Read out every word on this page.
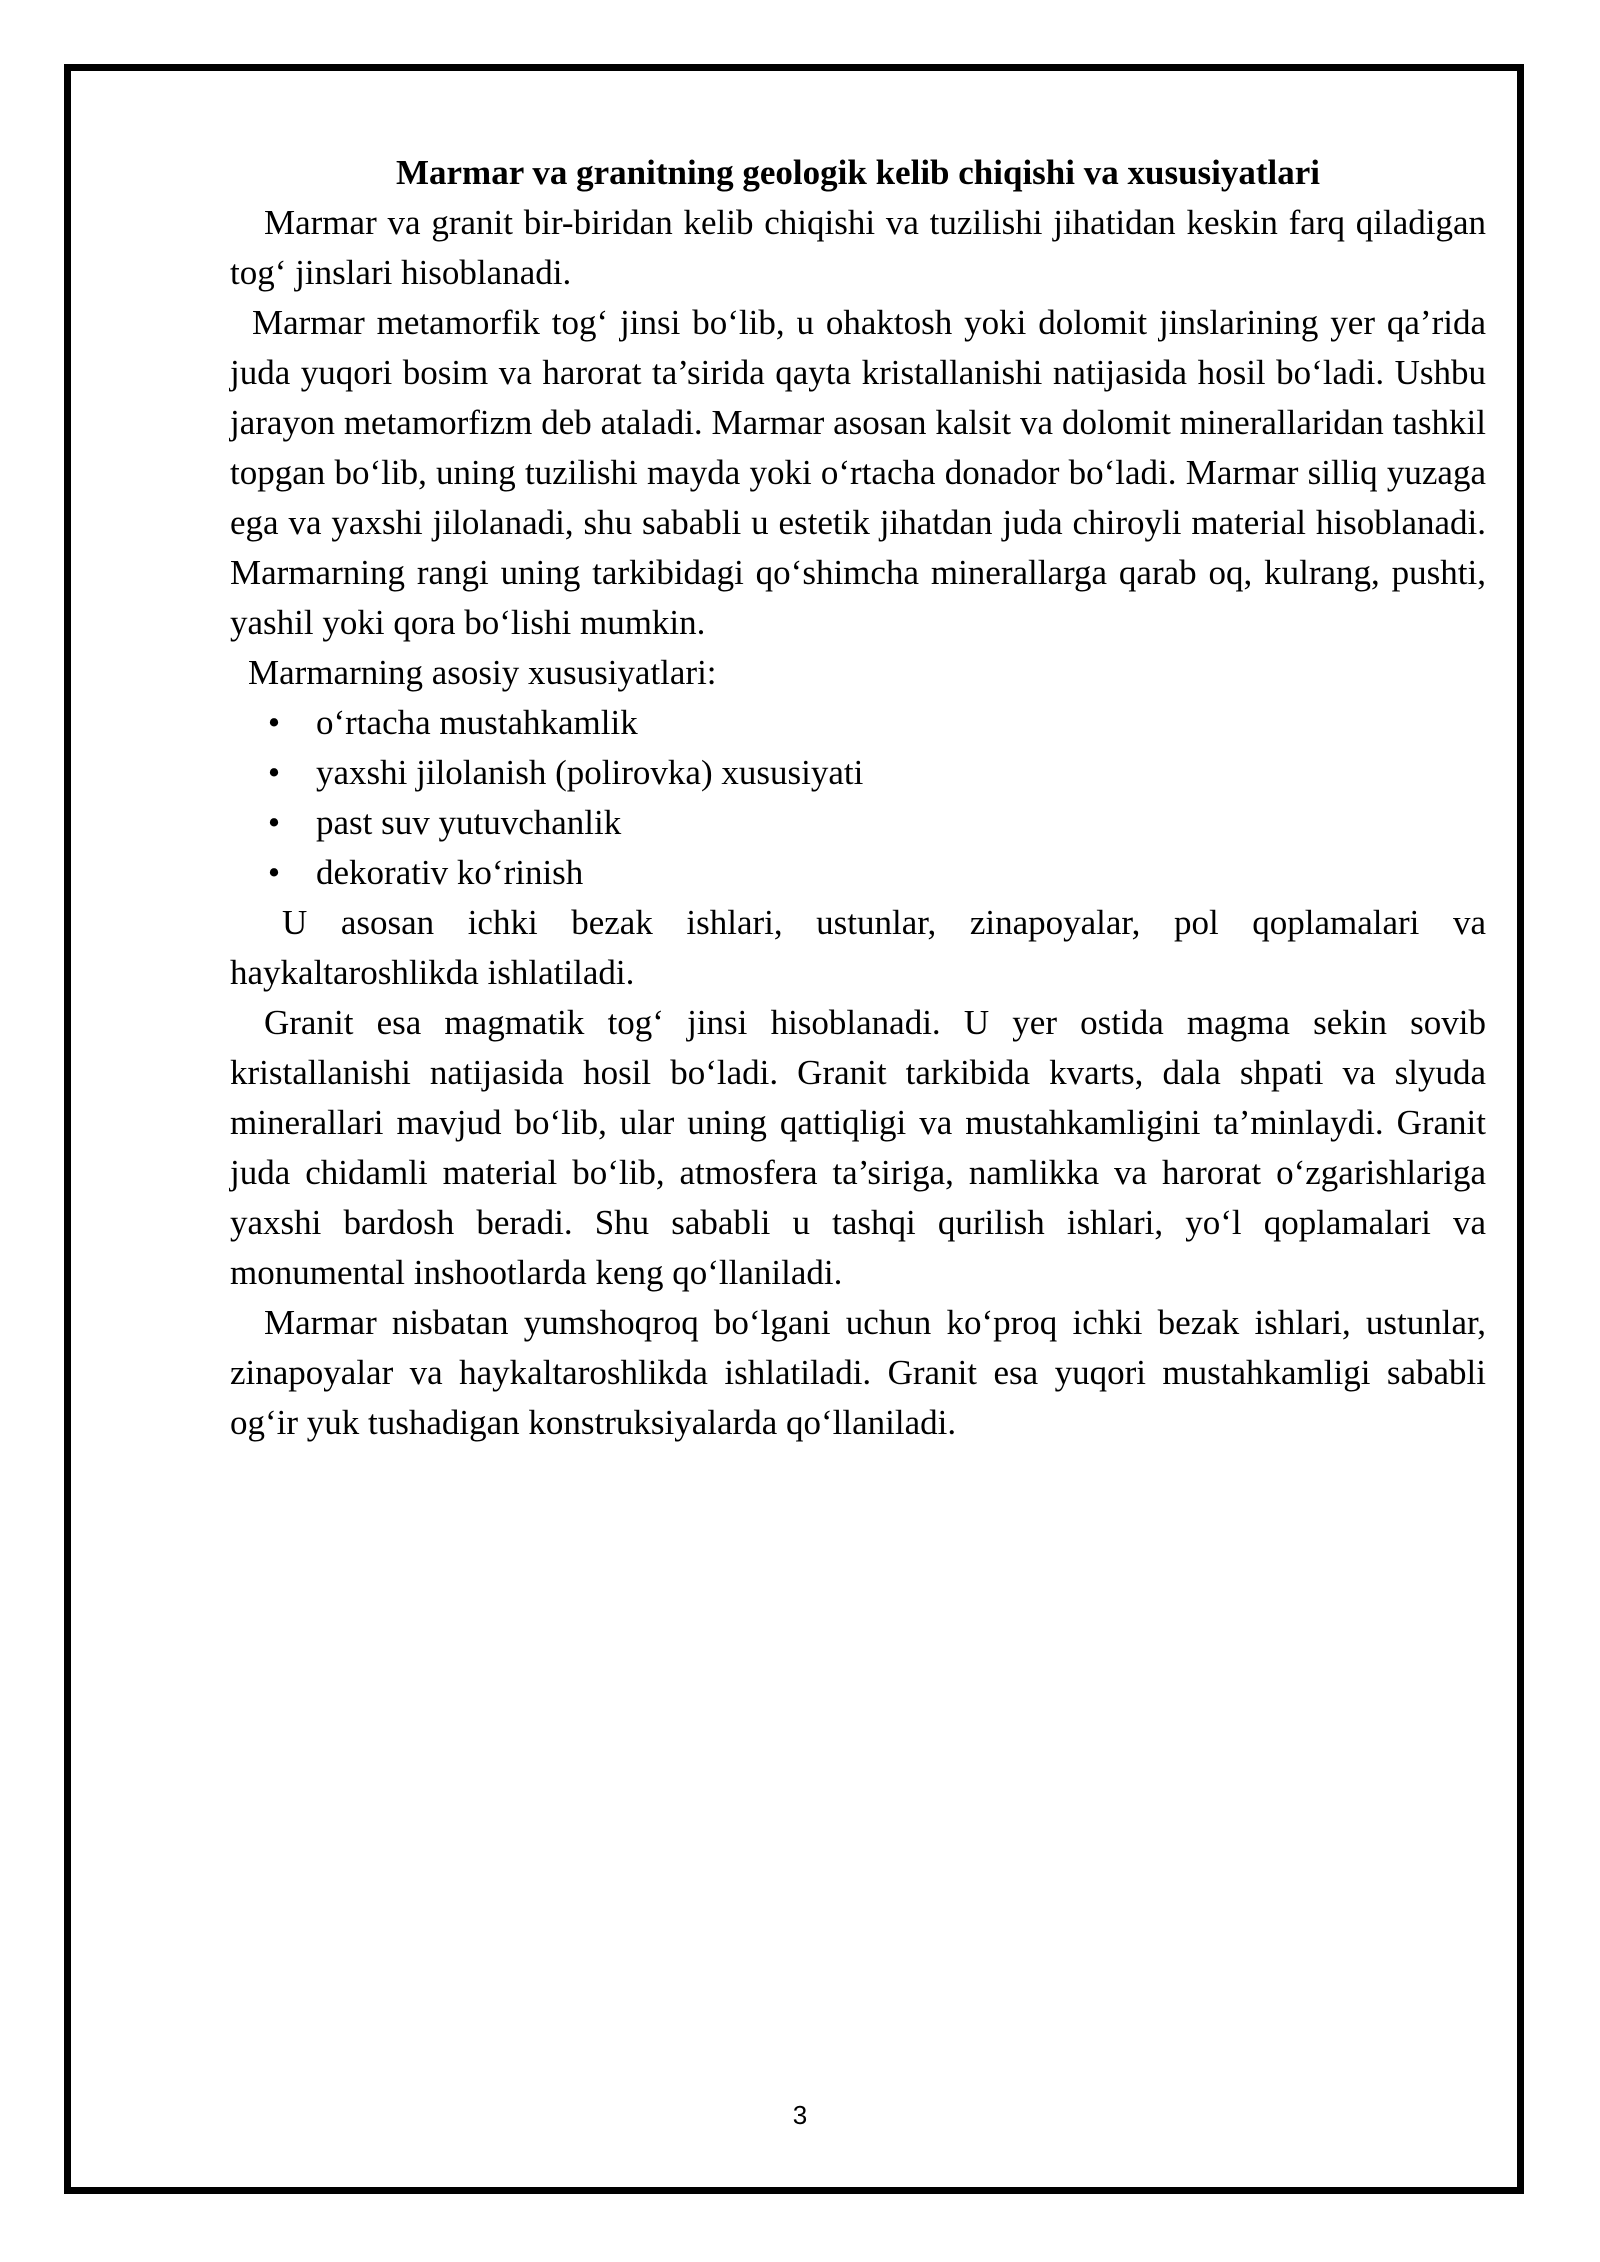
Marmar va granitning geologik kelib chiqishi va xususiyatlari

Marmar va granit bir-biridan kelib chiqishi va tuzilishi jihatidan keskin farq qiladigan tog‘ jinslari hisoblanadi.

Marmar metamorfik tog‘ jinsi bo‘lib, u ohaktosh yoki dolomit jinslarining yer qa’rida juda yuqori bosim va harorat ta’sirida qayta kristallanishi natijasida hosil bo‘ladi. Ushbu jarayon metamorfizm deb ataladi. Marmar asosan kalsit va dolomit minerallaridan tashkil topgan bo‘lib, uning tuzilishi mayda yoki o‘rtacha donador bo‘ladi. Marmar silliq yuzaga ega va yaxshi jilolanadi, shu sababli u estetik jihatdan juda chiroyli material hisoblanadi. Marmarning rangi uning tarkibidagi qo‘shimcha minerallarga qarab oq, kulrang, pushti, yashil yoki qora bo‘lishi mumkin.

Marmarning asosiy xususiyatlari:

• o‘rtacha mustahkamlik
• yaxshi jilolanish (polirovka) xususiyati
• past suv yutuvchanlik
• dekorativ ko‘rinish

U asosan ichki bezak ishlari, ustunlar, zinapoyalar, pol qoplamalari va haykaltaroshlikda ishlatiladi.

Granit esa magmatik tog‘ jinsi hisoblanadi. U yer ostida magma sekin sovib kristallanishi natijasida hosil bo‘ladi. Granit tarkibida kvarts, dala shpati va slyuda minerallari mavjud bo‘lib, ular uning qattiqligi va mustahkamligini ta’minlaydi. Granit juda chidamli material bo‘lib, atmosfera ta’siriga, namlikka va harorat o‘zgarishlariga yaxshi bardosh beradi. Shu sababli u tashqi qurilish ishlari, yo‘l qoplamalari va monumental inshootlarda keng qo‘llaniladi.

Marmar nisbatan yumshoqroq bo‘lgani uchun ko‘proq ichki bezak ishlari, ustunlar, zinapoyalar va haykaltaroshlikda ishlatiladi. Granit esa yuqori mustahkamligi sababli og‘ir yuk tushadigan konstruksiyalarda qo‘llaniladi.

3
